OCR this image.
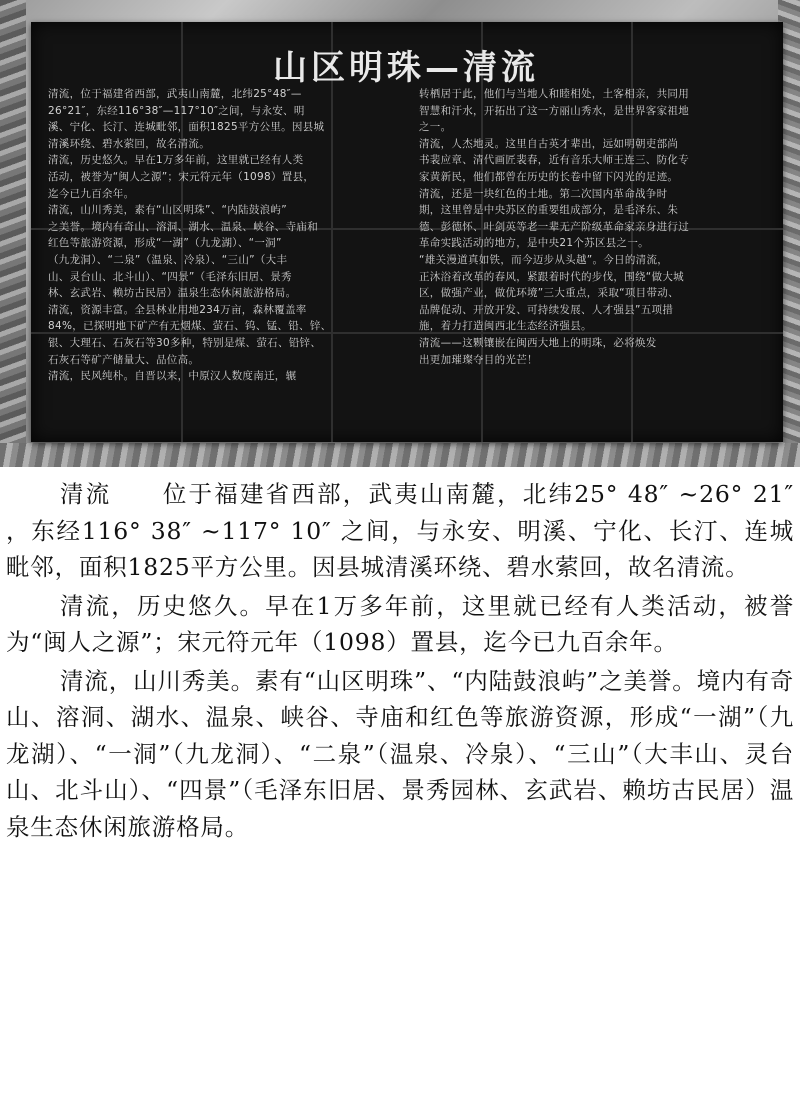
山区明珠—清流
清流，位于福建省西部，武夷山南麓，北纬25°48″—
26°21″，东经116°38″—117°10″之间，与永安、明
溪、宁化、长汀、连城毗邻，面积1825平方公里。因县城
清溪环绕、碧水萦回，故名清流。
清流，历史悠久。早在1万多年前，这里就已经有人类
活动，被誉为“闽人之源”；宋元符元年（1098）置县，
迄今已九百余年。
清流，山川秀美，素有“山区明珠”、“内陆鼓浪屿”
之美誉。境内有奇山、溶洞、湖水、温泉、峡谷、寺庙和
红色等旅游资源，形成“一湖”（九龙湖）、“一洞”
（九龙洞）、“二泉”（温泉、冷泉）、“三山”（大丰
山、灵台山、北斗山）、“四景”（毛泽东旧居、景秀
林、玄武岩、赖坊古民居）温泉生态休闲旅游格局。
清流，资源丰富。全县林业用地234万亩，森林覆盖率
84%，已探明地下矿产有无烟煤、萤石、钨、锰、铅、锌、
银、大理石、石灰石等30多种，特别是煤、萤石、铅锌、
石灰石等矿产储量大、品位高。
清流，民风纯朴。自晋以来，中原汉人数度南迁，辗
转栖居于此，他们与当地人和睦相处，土客相亲，共同用
智慧和汗水，开拓出了这一方丽山秀水，是世界客家祖地
之一。
清流，人杰地灵。这里自古英才辈出，远如明朝吏部尚
书裴应章、清代画匠裴春，近有音乐大师王连三、防化专
家黄新民，他们都曾在历史的长卷中留下闪光的足迹。
清流，还是一块红色的土地。第二次国内革命战争时
期，这里曾是中央苏区的重要组成部分，是毛泽东、朱
德、彭德怀、叶剑英等老一辈无产阶级革命家亲身进行过
革命实践活动的地方，是中央21个苏区县之一。
“雄关漫道真如铁，而今迈步从头越”。今日的清流，
正沐浴着改革的春风，紧跟着时代的步伐，围绕“做大城
区，做强产业，做优环境”三大重点，采取“项目带动、
品牌促动、开放开发、可持续发展、人才强县”五项措
施，着力打造闽西北生态经济强县。
清流——这颗镶嵌在闽西大地上的明珠，必将焕发
出更加璀璨夺目的光芒！

清流　　位于福建省西部，武夷山南麓，北纬25° 48″ ~26° 21″ ，东经116° 38″ ~117° 10″ 之间，与永安、明溪、宁化、长汀、连城毗邻，面积1825平方公里。因县城清溪环绕、碧水萦回，故名清流。

清流，历史悠久。早在1万多年前，这里就已经有人类活动，被誉为“闽人之源”；宋元符元年（1098）置县，迄今已九百余年。

清流，山川秀美。素有“山区明珠”、“内陆鼓浪屿”之美誉。境内有奇山、溶洞、湖水、温泉、峡谷、寺庙和红色等旅游资源，形成“一湖”（九龙湖）、“一洞”（九龙洞）、“二泉”（温泉、冷泉）、“三山”（大丰山、灵台山、北斗山）、“四景”（毛泽东旧居、景秀园林、玄武岩、赖坊古民居）温泉生态休闲旅游格局。
